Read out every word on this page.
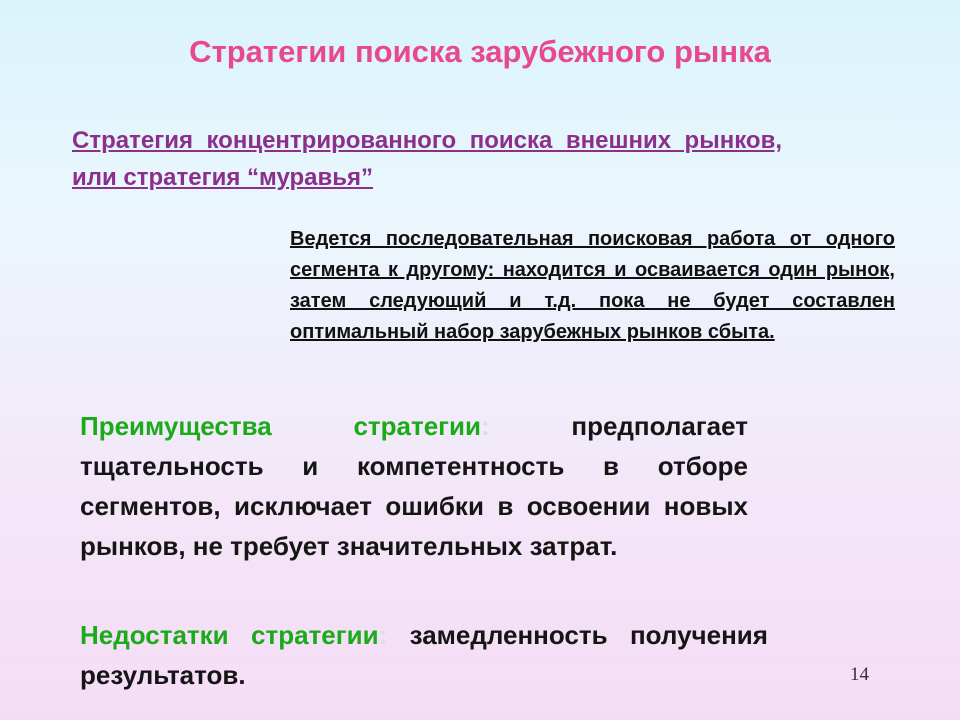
Стратегии поиска зарубежного рынка

Стратегия концентрированного поиска внешних рынков, или стратегия “муравья”

Ведется последовательная поисковая работа от одного сегмента к другому: находится и осваивается один рынок, затем следующий и т.д. пока не будет составлен оптимальный набор зарубежных рынков сбыта.

Преимущества стратегии:	предполагает тщательность и компетентность в отборе сегментов, исключает ошибки в освоении новых рынков, не требует значительных затрат.

Недостатки стратегии: замедленность получения результатов.	14
